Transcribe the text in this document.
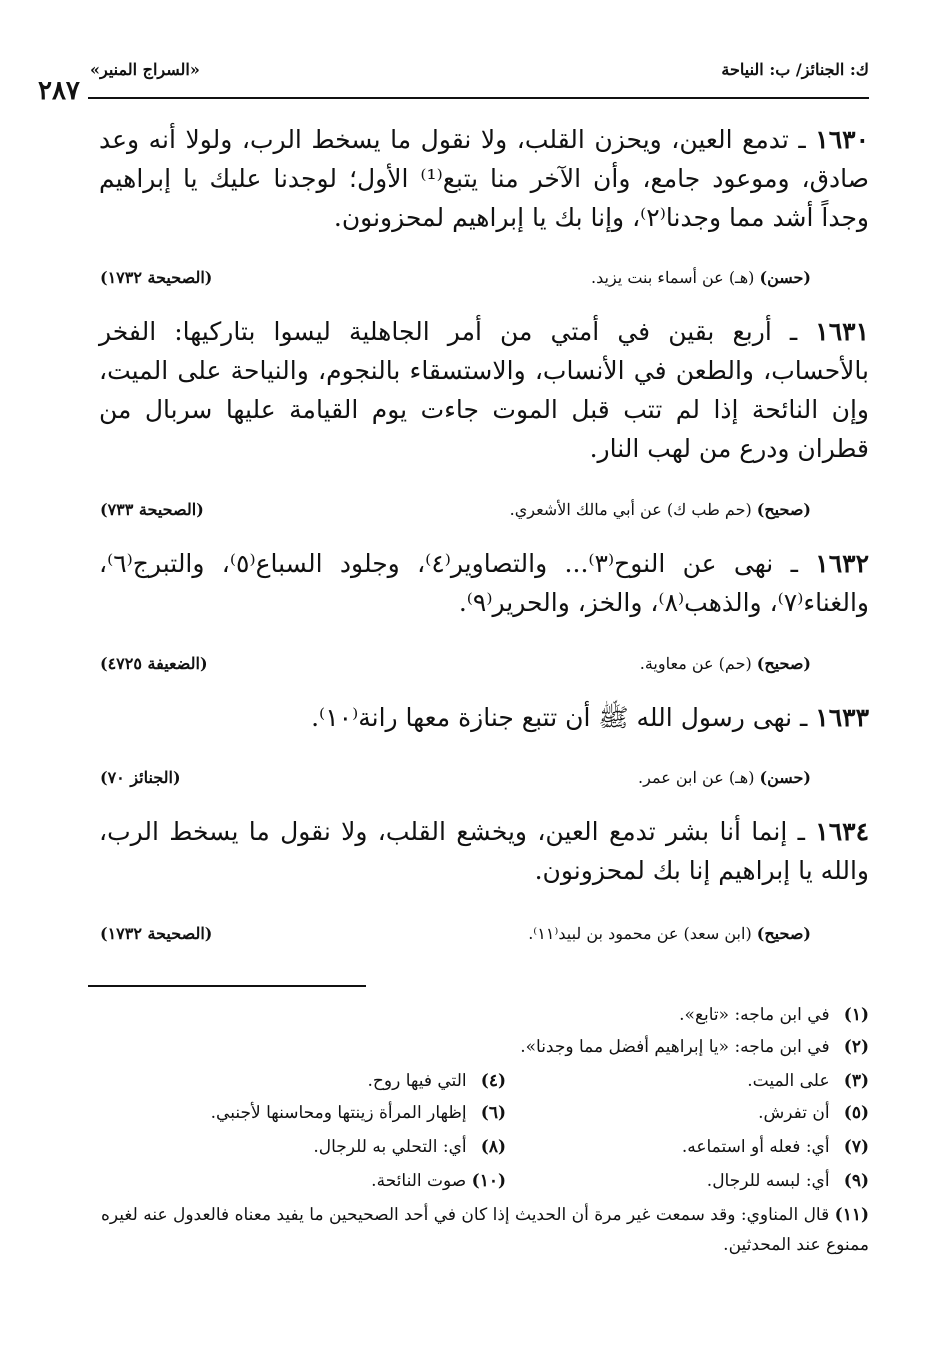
ك: الجنائز/ ب: النياحة
«السراج المنير»
٢٨٧
١٦٣٠ ـ تدمع العين، ويحزن القلب، ولا نقول ما يسخط الرب، ولولا أنه وعد صادق، وموعود جامع، وأن الآخر منا يتبع⁽¹⁾ الأول؛ لوجدنا عليك يا إبراهيم وجداً أشد مما وجدنا⁽٢⁾، وإنا بك يا إبراهيم لمحزونون.
(حسن) (هـ) عن أسماء بنت يزيد.
(الصحيحة ١٧٣٢)
١٦٣١ ـ أربع بقين في أمتي من أمر الجاهلية ليسوا بتاركيها: الفخر بالأحساب، والطعن في الأنساب، والاستسقاء بالنجوم، والنياحة على الميت، وإن النائحة إذا لم تتب قبل الموت جاءت يوم القيامة عليها سربال من قطران ودرع من لهب النار.
(صحيح) (حم طب ك) عن أبي مالك الأشعري.
(الصحيحة ٧٣٣)
١٦٣٢ ـ نهى عن النوح⁽٣⁾... والتصاوير⁽٤⁾، وجلود السباع⁽٥⁾، والتبرج⁽٦⁾، والغناء⁽٧⁾، والذهب⁽٨⁾، والخز، والحرير⁽٩⁾.
(صحيح) (حم) عن معاوية.
(الضعيفة ٤٧٢٥)
١٦٣٣ ـ نهى رسول الله ﷺ أن تتبع جنازة معها رانة⁽١٠⁾.
(حسن) (هـ) عن ابن عمر.
(الجنائز ٧٠)
١٦٣٤ ـ إنما أنا بشر تدمع العين، ويخشع القلب، ولا نقول ما يسخط الرب، والله يا إبراهيم إنا بك لمحزونون.
(صحيح) (ابن سعد) عن محمود بن لبيد⁽١١⁾.
(الصحيحة ١٧٣٢)
(١) في ابن ماجه: «تابع».
(٢) في ابن ماجه: «يا إبراهيم أفضل مما وجدنا».
(٣) على الميت.
(٤) التي فيها روح.
(٥) أن تفرش.
(٦) إظهار المرأة زينتها ومحاسنها لأجنبي.
(٧) أي: فعله أو استماعه.
(٨) أي: التحلي به للرجال.
(٩) أي: لبسه للرجال.
(١٠) صوت النائحة.
(١١) قال المناوي: وقد سمعت غير مرة أن الحديث إذا كان في أحد الصحيحين ما يفيد معناه فالعدول عنه لغيره ممنوع عند المحدثين.
